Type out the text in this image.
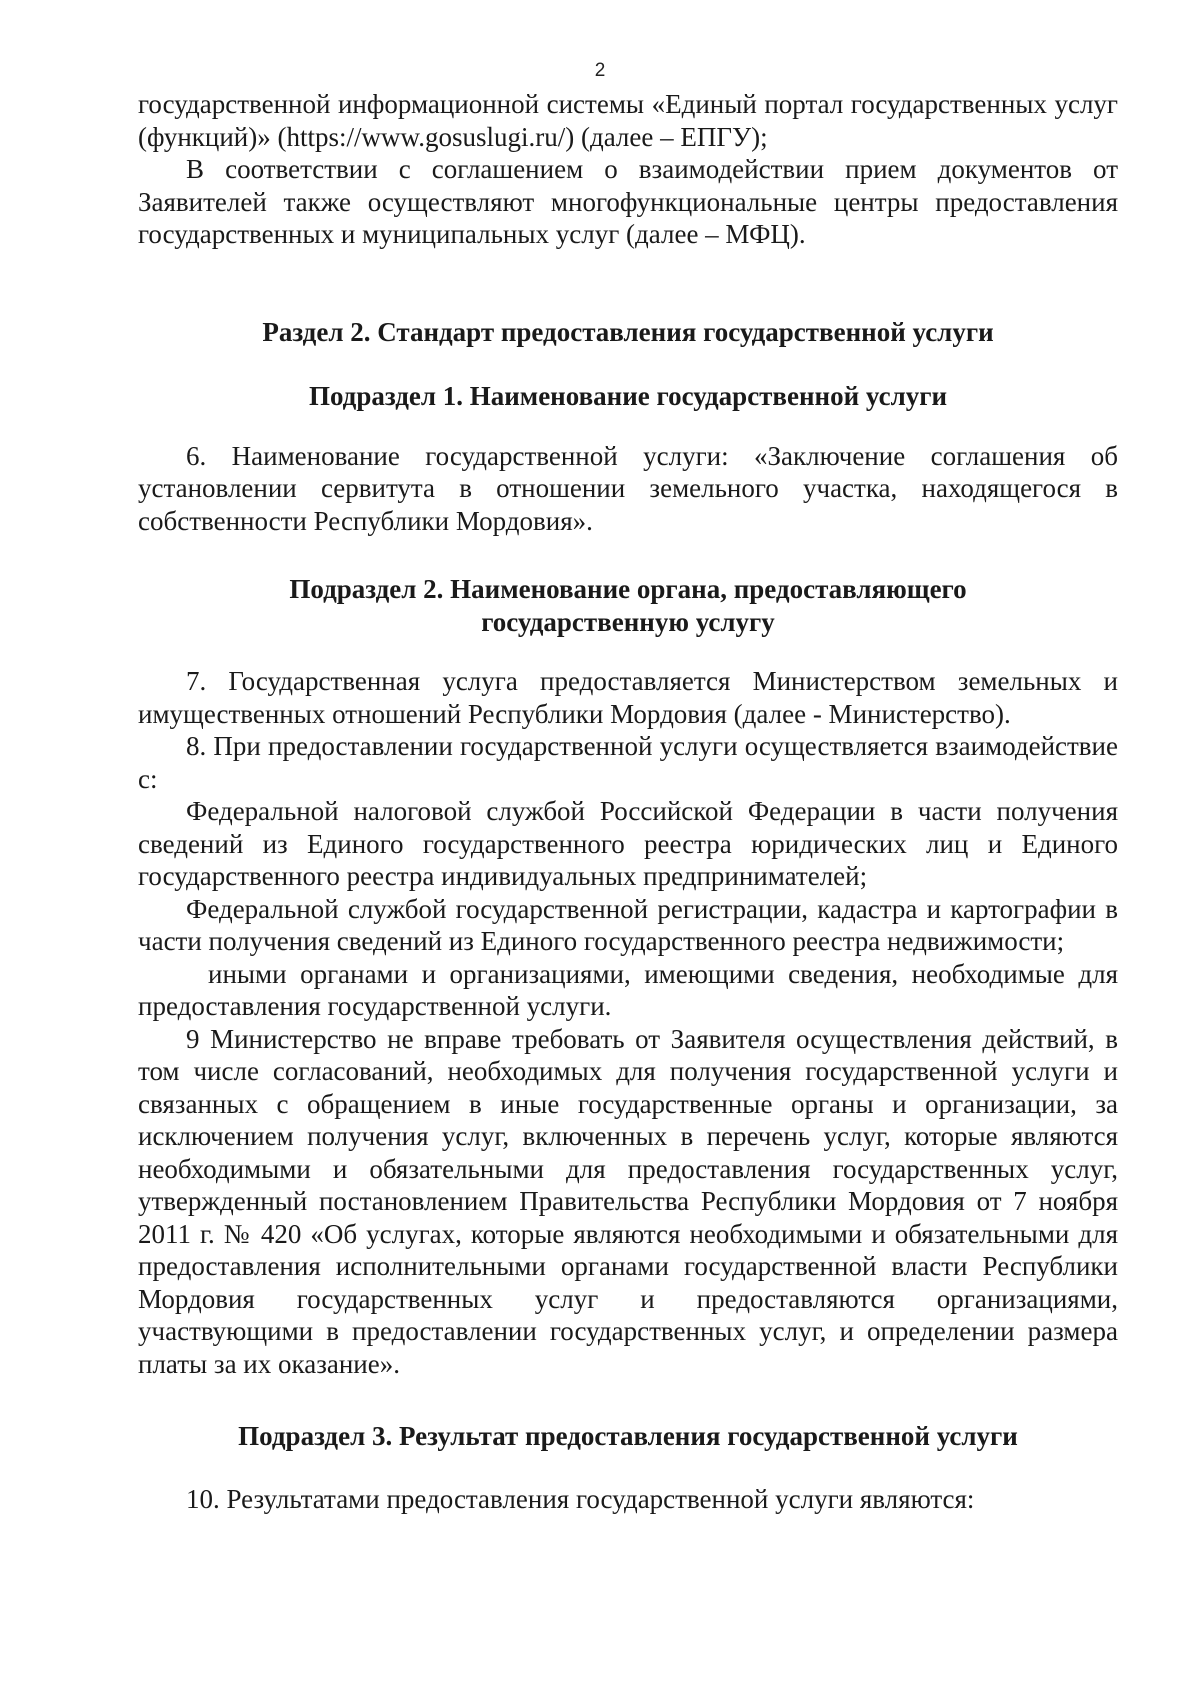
2

государственной информационной системы «Единый портал государственных услуг (функций)» (https://www.gosuslugi.ru/) (далее – ЕПГУ);

В соответствии с соглашением о взаимодействии прием документов от Заявителей также осуществляют многофункциональные центры предоставления государственных и муниципальных услуг (далее – МФЦ).

Раздел 2. Стандарт предоставления государственной услуги
Подраздел 1. Наименование государственной услуги

6. Наименование государственной услуги: «Заключение соглашения об установлении сервитута в отношении земельного участка, находящегося в собственности Республики Мордовия».

Подраздел 2. Наименование органа, предоставляющего
государственную услугу

7. Государственная услуга предоставляется Министерством земельных и имущественных отношений Республики Мордовия (далее - Министерство).

8. При предоставлении государственной услуги осуществляется взаимодействие с:

Федеральной налоговой службой Российской Федерации в части получения сведений из Единого государственного реестра юридических лиц и Единого государственного реестра индивидуальных предпринимателей;

Федеральной службой государственной регистрации, кадастра и картографии в части получения сведений из Единого государственного реестра недвижимости;

иными органами и организациями, имеющими сведения, необходимые для предоставления государственной услуги.

9 Министерство не вправе требовать от Заявителя осуществления действий, в том числе согласований, необходимых для получения государственной услуги и связанных с обращением в иные государственные органы и организации, за исключением получения услуг, включенных в перечень услуг, которые являются необходимыми и обязательными для предоставления государственных услуг, утвержденный постановлением Правительства Республики Мордовия от 7 ноября 2011 г. № 420 «Об услугах, которые являются необходимыми и обязательными для предоставления исполнительными органами государственной власти Республики Мордовия государственных услуг и предоставляются организациями, участвующими в предоставлении государственных услуг, и определении размера платы за их оказание».

Подраздел 3. Результат предоставления государственной услуги

10. Результатами предоставления государственной услуги являются:
